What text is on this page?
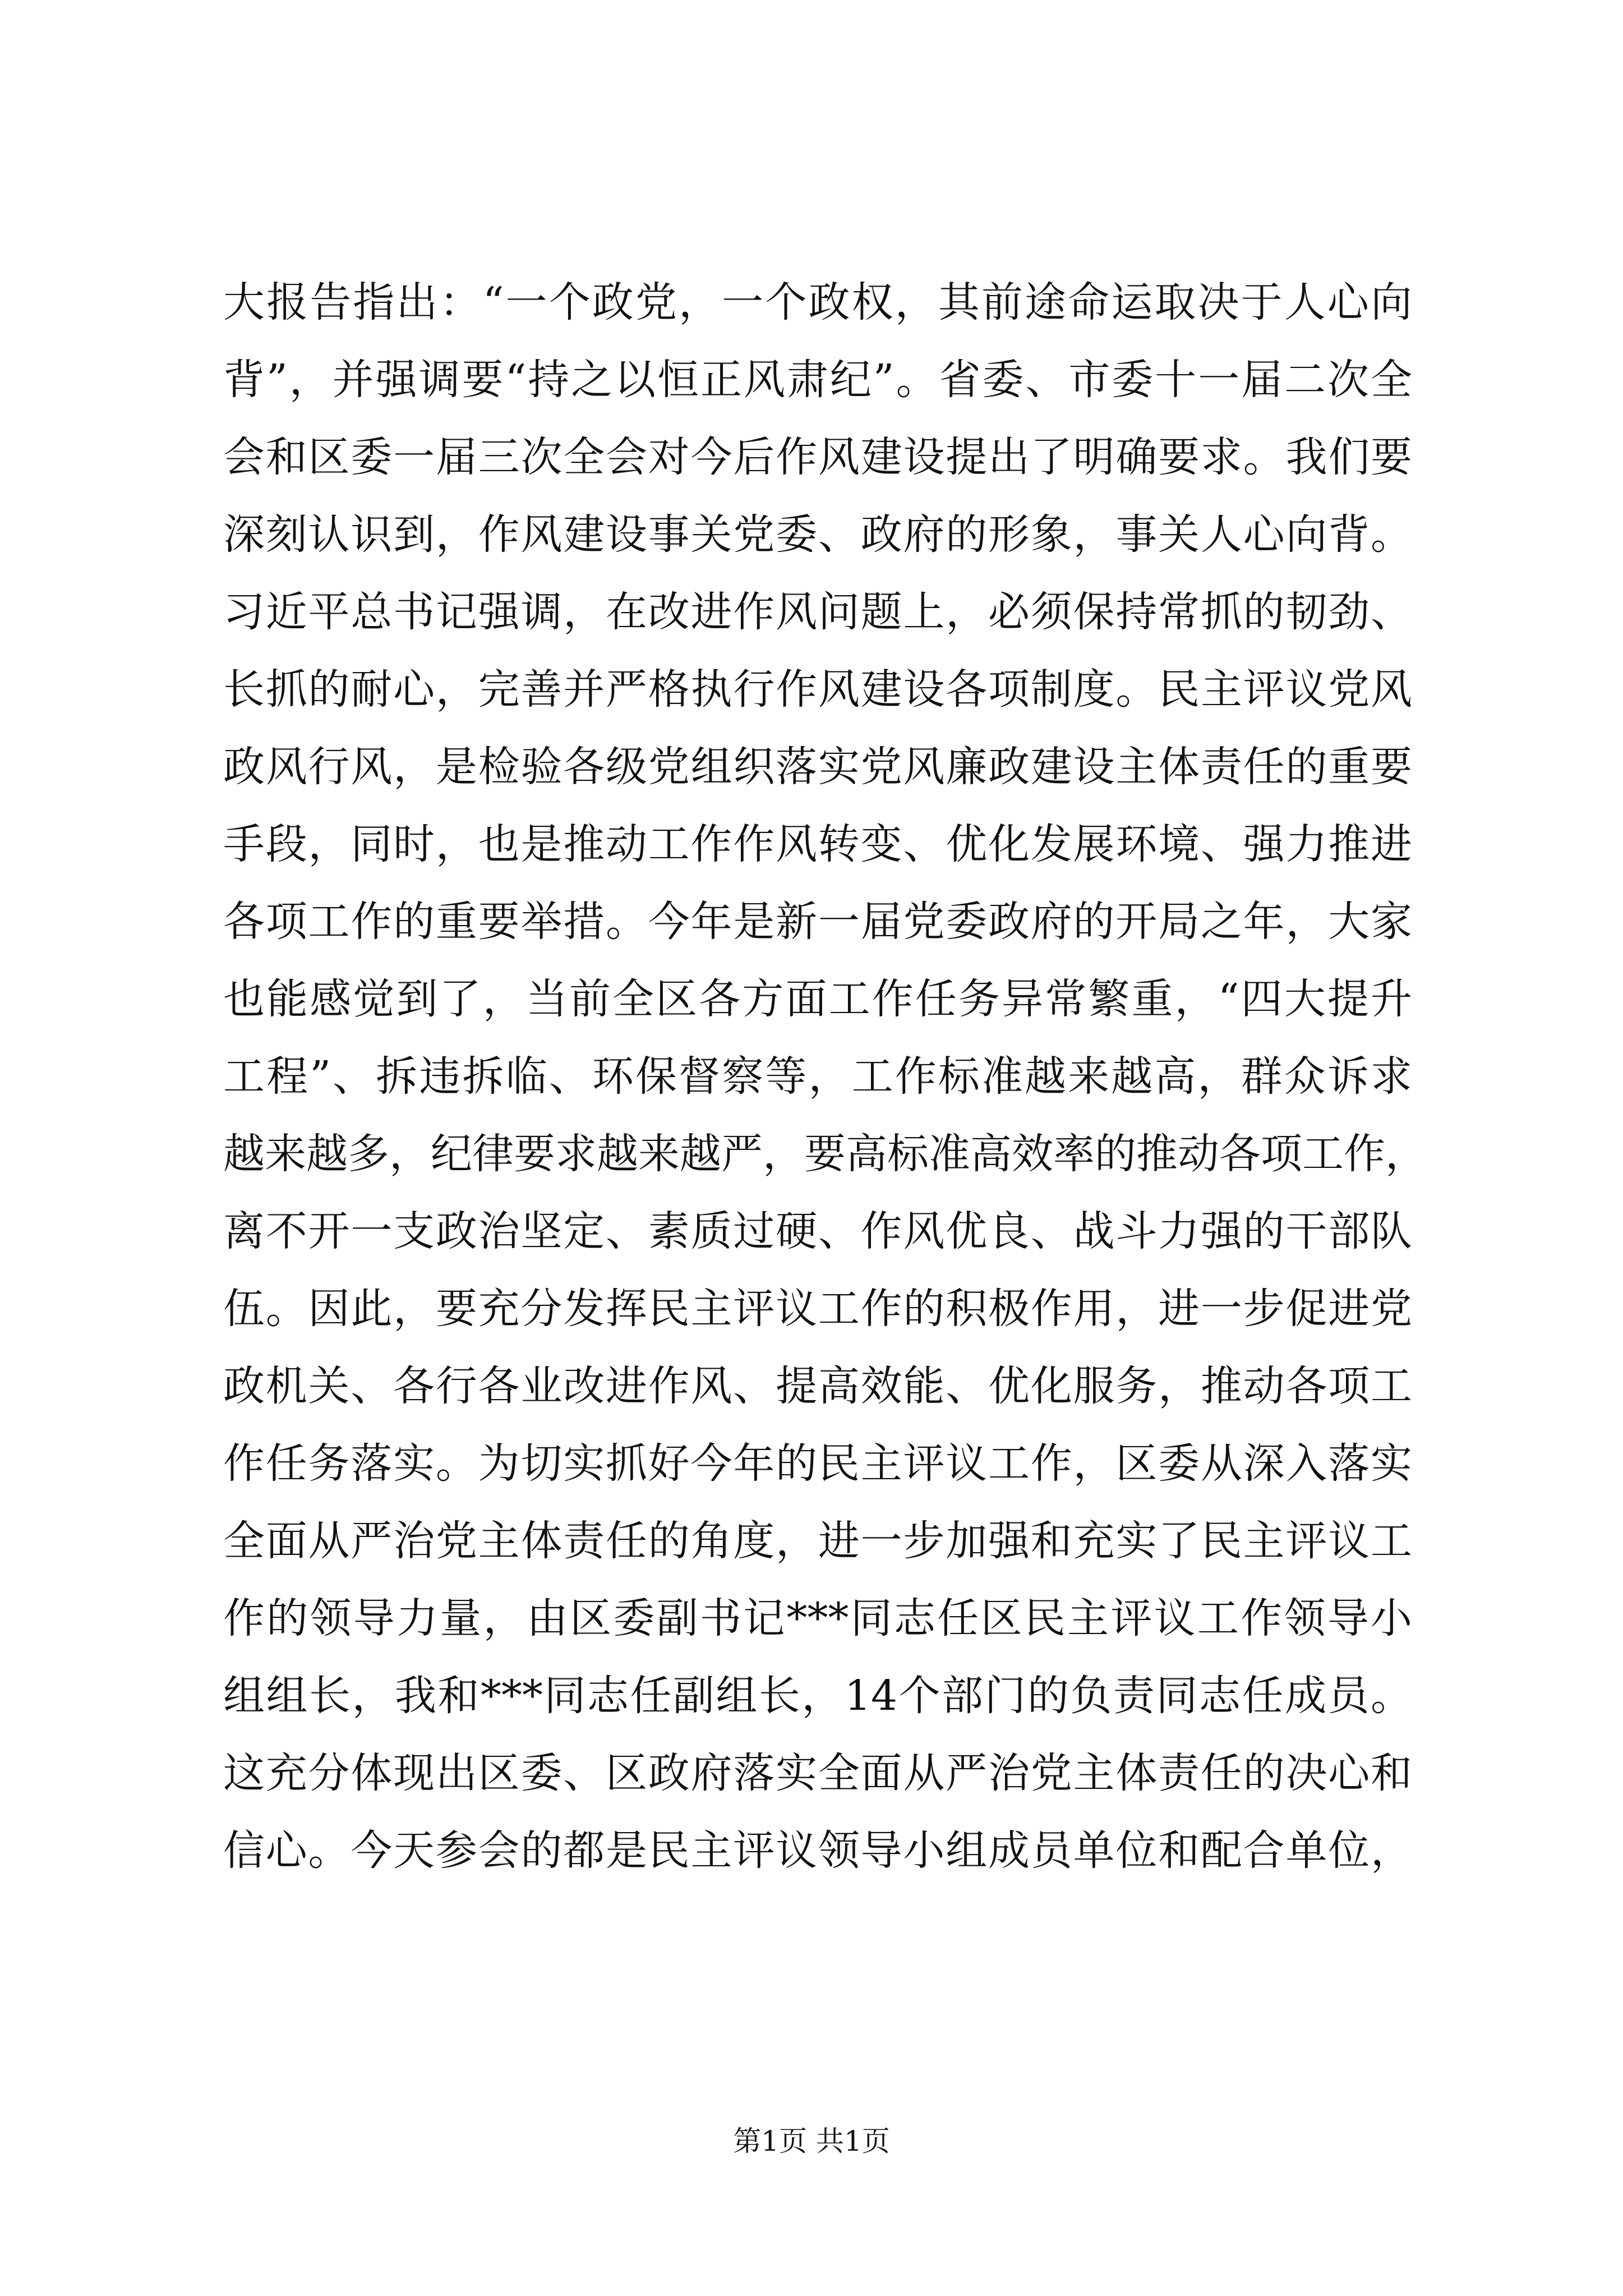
大报告指出：“一个政党，一个政权，其前途命运取决于人心向
背”，并强调要“持之以恒正风肃纪”。省委、市委十一届二次全
会和区委一届三次全会对今后作风建设提出了明确要求。我们要
深刻认识到，作风建设事关党委、政府的形象，事关人心向背。
习近平总书记强调，在改进作风问题上，必须保持常抓的韧劲、
长抓的耐心，完善并严格执行作风建设各项制度。民主评议党风
政风行风，是检验各级党组织落实党风廉政建设主体责任的重要
手段，同时，也是推动工作作风转变、优化发展环境、强力推进
各项工作的重要举措。今年是新一届党委政府的开局之年，大家
也能感觉到了，当前全区各方面工作任务异常繁重，“四大提升
工程”、拆违拆临、环保督察等，工作标准越来越高，群众诉求
越来越多，纪律要求越来越严，要高标准高效率的推动各项工作，
离不开一支政治坚定、素质过硬、作风优良、战斗力强的干部队
伍。因此，要充分发挥民主评议工作的积极作用，进一步促进党
政机关、各行各业改进作风、提高效能、优化服务，推动各项工
作任务落实。为切实抓好今年的民主评议工作，区委从深入落实
全面从严治党主体责任的角度，进一步加强和充实了民主评议工
作的领导力量，由区委副书记***同志任区民主评议工作领导小
组组长，我和***同志任副组长，14个部门的负责同志任成员。
这充分体现出区委、区政府落实全面从严治党主体责任的决心和
信心。今天参会的都是民主评议领导小组成员单位和配合单位，
第1页 共1页
